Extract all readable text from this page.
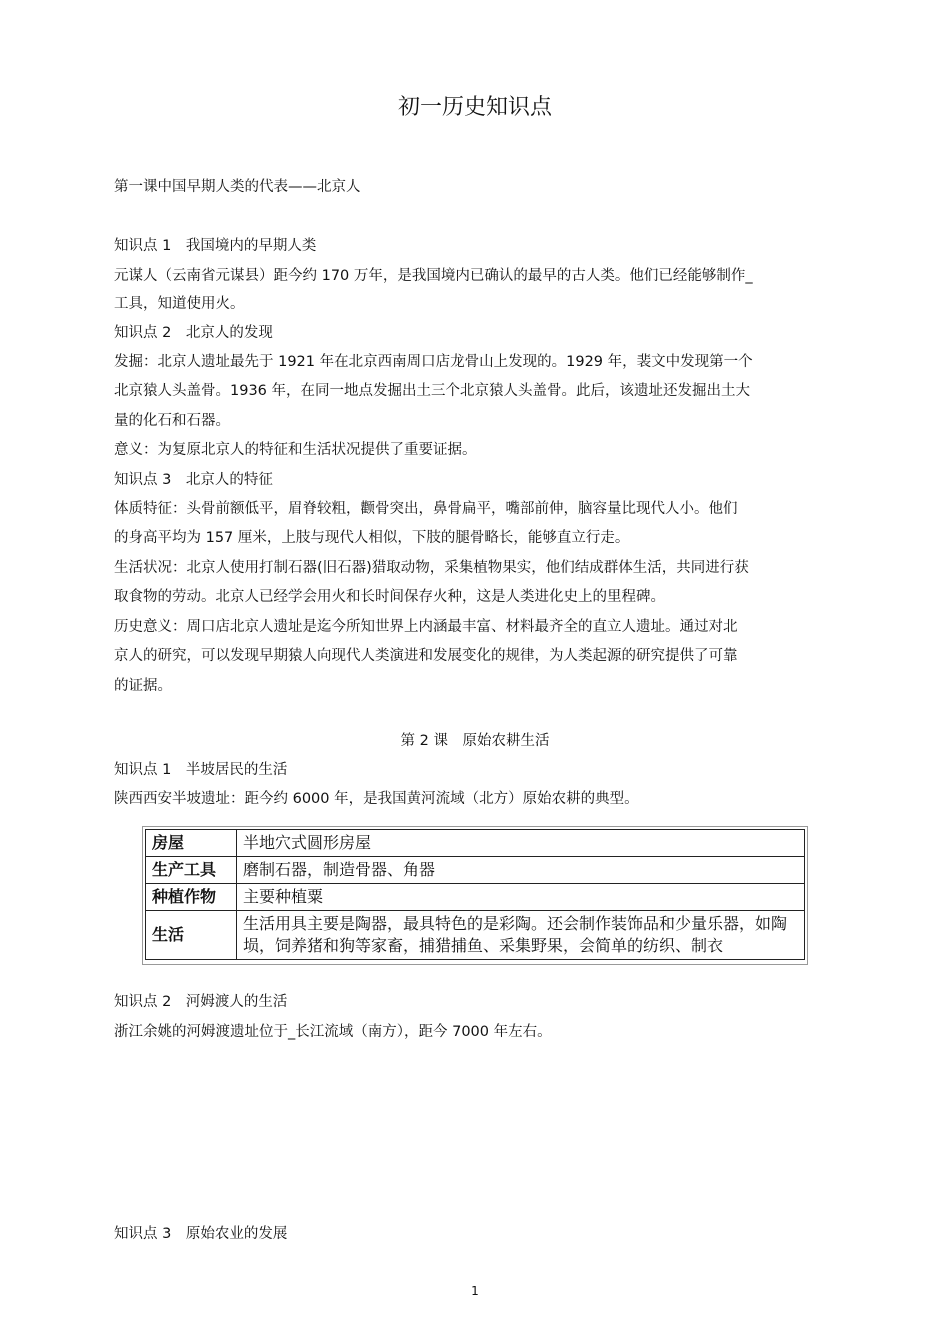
初一历史知识点
第一课中国早期人类的代表——北京人
知识点 1　我国境内的早期人类
元谋人（云南省元谋县）距今约 170 万年，是我国境内已确认的最早的古人类。他们已经能够制作_
工具，知道使用火。
知识点 2　北京人的发现
发掘：北京人遗址最先于 1921 年在北京西南周口店龙骨山上发现的。1929 年，裴文中发现第一个
北京猿人头盖骨。1936 年，在同一地点发掘出土三个北京猿人头盖骨。此后，该遗址还发掘出土大
量的化石和石器。
意义：为复原北京人的特征和生活状况提供了重要证据。
知识点 3　北京人的特征
体质特征：头骨前额低平，眉脊较粗，颧骨突出，鼻骨扁平，嘴部前伸，脑容量比现代人小。他们
的身高平均为 157 厘米，上肢与现代人相似，下肢的腿骨略长，能够直立行走。
生活状况：北京人使用打制石器(旧石器)猎取动物，采集植物果实，他们结成群体生活，共同进行获
取食物的劳动。北京人已经学会用火和长时间保存火种，这是人类进化史上的里程碑。
历史意义：周口店北京人遗址是迄今所知世界上内涵最丰富、材料最齐全的直立人遗址。通过对北
京人的研究，可以发现早期猿人向现代人类演进和发展变化的规律，为人类起源的研究提供了可靠
的证据。
第 2 课　原始农耕生活
知识点 1　半坡居民的生活
陕西西安半坡遗址：距今约 6000 年，是我国黄河流域（北方）原始农耕的典型。
房屋	半地穴式圆形房屋
生产工具	磨制石器，制造骨器、角器
种植作物	主要种植粟
生活	生活用具主要是陶器，最具特色的是彩陶。还会制作装饰品和少量乐器，如陶埙，饲养猪和狗等家畜，捕猎捕鱼、采集野果，会简单的纺织、制衣
知识点 2　河姆渡人的生活
浙江余姚的河姆渡遗址位于_长江流域（南方），距今 7000 年左右。
知识点 3　原始农业的发展
1
